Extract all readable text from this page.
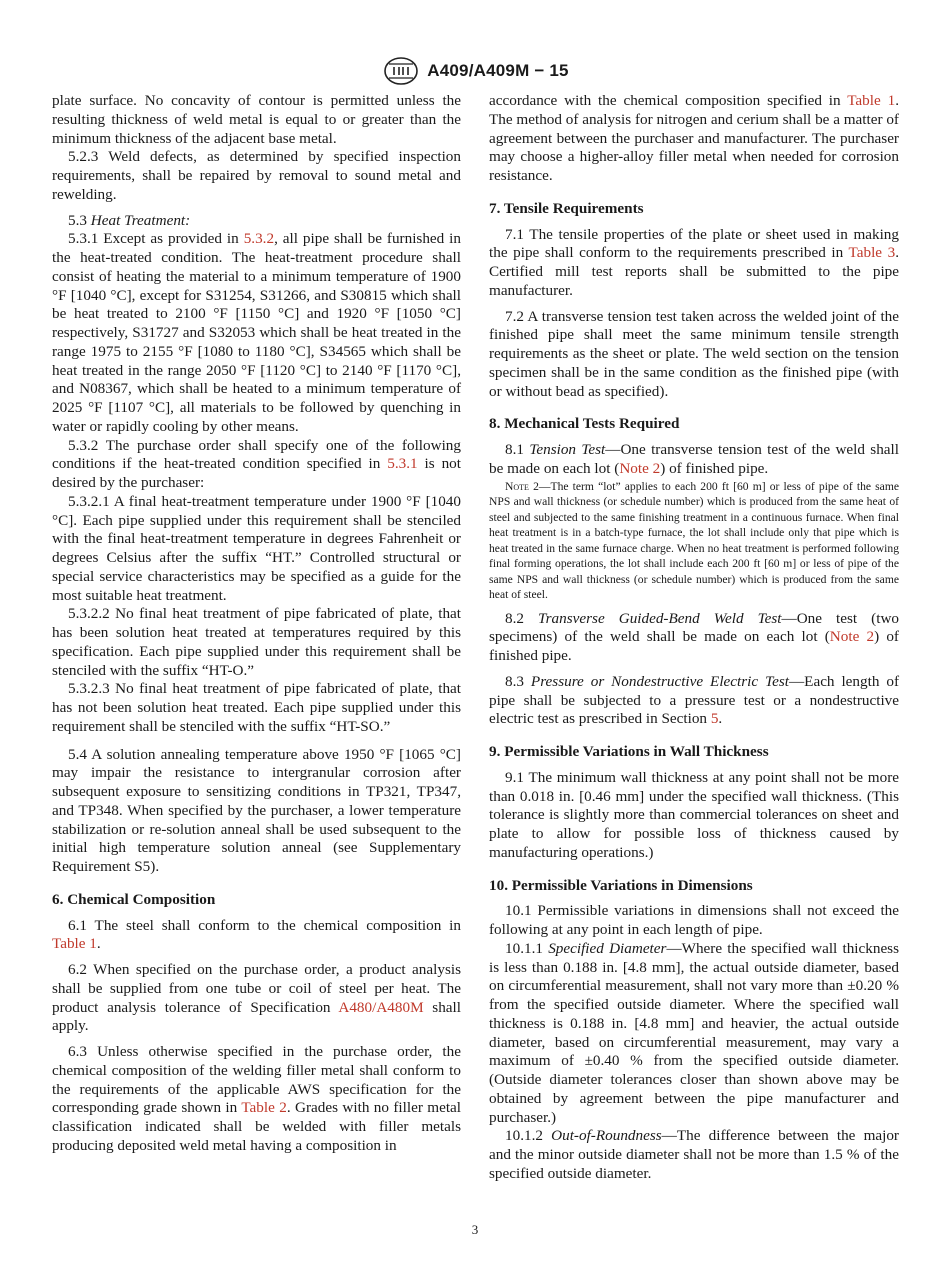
A409/A409M − 15

plate surface. No concavity of contour is permitted unless the resulting thickness of weld metal is equal to or greater than the minimum thickness of the adjacent base metal.

5.2.3 Weld defects, as determined by specified inspection requirements, shall be repaired by removal to sound metal and rewelding.

5.3 Heat Treatment:

5.3.1 Except as provided in 5.3.2, all pipe shall be furnished in the heat-treated condition. The heat-treatment procedure shall consist of heating the material to a minimum temperature of 1900 °F [1040 °C], except for S31254, S31266, and S30815 which shall be heat treated to 2100 °F [1150 °C] and 1920 °F [1050 °C] respectively, S31727 and S32053 which shall be heat treated in the range 1975 to 2155 °F [1080 to 1180 °C], S34565 which shall be heat treated in the range 2050 °F [1120 °C] to 2140 °F [1170 °C], and N08367, which shall be heated to a minimum temperature of 2025 °F [1107 °C], all materials to be followed by quenching in water or rapidly cooling by other means.

5.3.2 The purchase order shall specify one of the following conditions if the heat-treated condition specified in 5.3.1 is not desired by the purchaser:

5.3.2.1 A final heat-treatment temperature under 1900 °F [1040 °C]. Each pipe supplied under this requirement shall be stenciled with the final heat-treatment temperature in degrees Fahrenheit or degrees Celsius after the suffix “HT.” Controlled structural or special service characteristics may be specified as a guide for the most suitable heat treatment.

5.3.2.2 No final heat treatment of pipe fabricated of plate, that has been solution heat treated at temperatures required by this specification. Each pipe supplied under this requirement shall be stenciled with the suffix “HT-O.”

5.3.2.3 No final heat treatment of pipe fabricated of plate, that has not been solution heat treated. Each pipe supplied under this requirement shall be stenciled with the suffix “HT-SO.”

5.4 A solution annealing temperature above 1950 °F [1065 °C] may impair the resistance to intergranular corrosion after subsequent exposure to sensitizing conditions in TP321, TP347, and TP348. When specified by the purchaser, a lower temperature stabilization or re-solution anneal shall be used subsequent to the initial high temperature solution anneal (see Supplementary Requirement S5).

6. Chemical Composition

6.1 The steel shall conform to the chemical composition in Table 1.

6.2 When specified on the purchase order, a product analysis shall be supplied from one tube or coil of steel per heat. The product analysis tolerance of Specification A480/A480M shall apply.

6.3 Unless otherwise specified in the purchase order, the chemical composition of the welding filler metal shall conform to the requirements of the applicable AWS specification for the corresponding grade shown in Table 2. Grades with no filler metal classification indicated shall be welded with filler metals producing deposited weld metal having a composition in

accordance with the chemical composition specified in Table 1. The method of analysis for nitrogen and cerium shall be a matter of agreement between the purchaser and manufacturer. The purchaser may choose a higher-alloy filler metal when needed for corrosion resistance.

7. Tensile Requirements

7.1 The tensile properties of the plate or sheet used in making the pipe shall conform to the requirements prescribed in Table 3. Certified mill test reports shall be submitted to the pipe manufacturer.

7.2 A transverse tension test taken across the welded joint of the finished pipe shall meet the same minimum tensile strength requirements as the sheet or plate. The weld section on the tension specimen shall be in the same condition as the finished pipe (with or without bead as specified).

8. Mechanical Tests Required

8.1 Tension Test—One transverse tension test of the weld shall be made on each lot (Note 2) of finished pipe.

Note 2—The term “lot” applies to each 200 ft [60 m] or less of pipe of the same NPS and wall thickness (or schedule number) which is produced from the same heat of steel and subjected to the same finishing treatment in a continuous furnace. When final heat treatment is in a batch-type furnace, the lot shall include only that pipe which is heat treated in the same furnace charge. When no heat treatment is performed following final forming operations, the lot shall include each 200 ft [60 m] or less of pipe of the same NPS and wall thickness (or schedule number) which is produced from the same heat of steel.

8.2 Transverse Guided-Bend Weld Test—One test (two specimens) of the weld shall be made on each lot (Note 2) of finished pipe.

8.3 Pressure or Nondestructive Electric Test—Each length of pipe shall be subjected to a pressure test or a nondestructive electric test as prescribed in Section 5.

9. Permissible Variations in Wall Thickness

9.1 The minimum wall thickness at any point shall not be more than 0.018 in. [0.46 mm] under the specified wall thickness. (This tolerance is slightly more than commercial tolerances on sheet and plate to allow for possible loss of thickness caused by manufacturing operations.)

10. Permissible Variations in Dimensions

10.1 Permissible variations in dimensions shall not exceed the following at any point in each length of pipe.

10.1.1 Specified Diameter—Where the specified wall thickness is less than 0.188 in. [4.8 mm], the actual outside diameter, based on circumferential measurement, shall not vary more than ±0.20 % from the specified outside diameter. Where the specified wall thickness is 0.188 in. [4.8 mm] and heavier, the actual outside diameter, based on circumferential measurement, may vary a maximum of ±0.40 % from the specified outside diameter. (Outside diameter tolerances closer than shown above may be obtained by agreement between the pipe manufacturer and purchaser.)

10.1.2 Out-of-Roundness—The difference between the major and the minor outside diameter shall not be more than 1.5 % of the specified outside diameter.

3
